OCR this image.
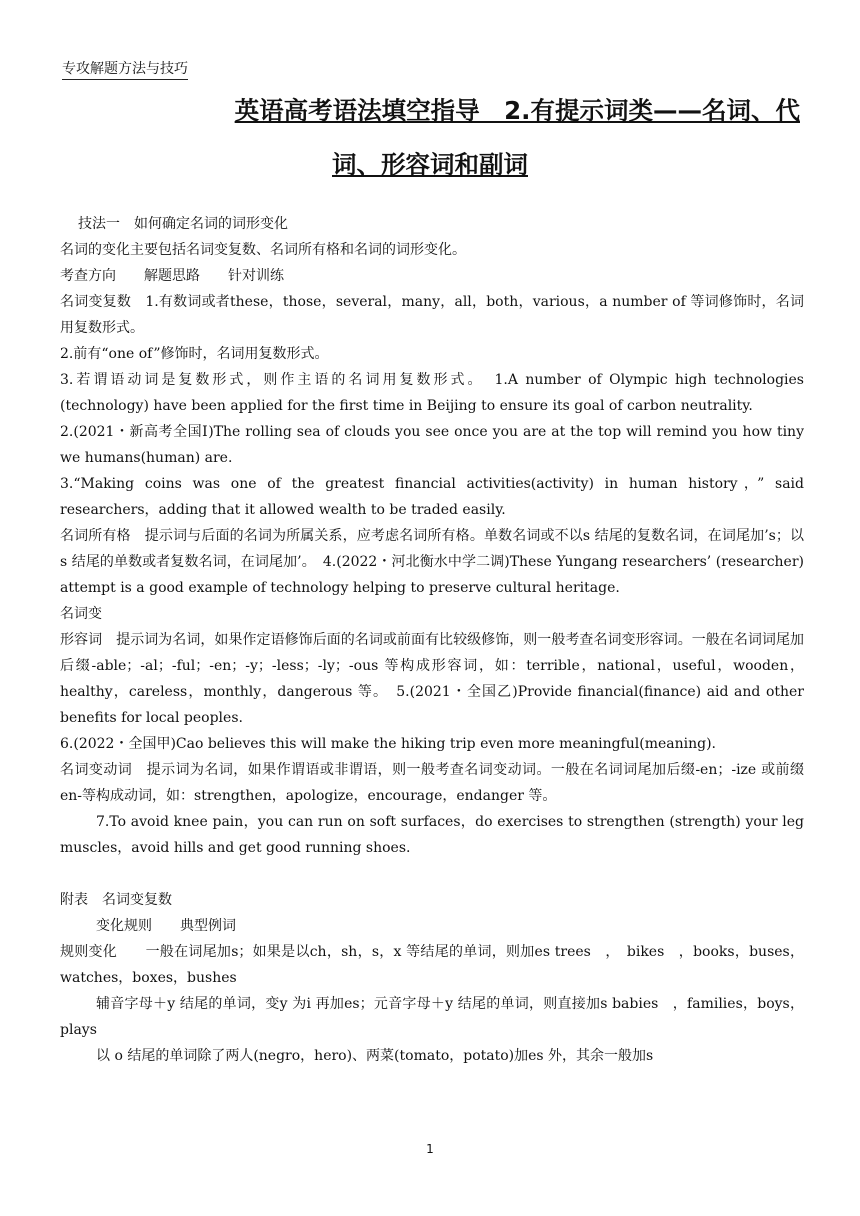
专攻解题方法与技巧
英语高考语法填空指导　2.有提示词类——名词、代
词、形容词和副词

技法一　如何确定名词的词形变化

名词的变化主要包括名词变复数、名词所有格和名词的词形变化。

考查方向　　解题思路　　针对训练

名词变复数　1.有数词或者these，those，several，many，all，both，various，a number of 等词修饰时，名词用复数形式。

2.前有“one of”修饰时，名词用复数形式。

3.若谓语动词是复数形式，则作主语的名词用复数形式。　1.A number of Olympic high technologies (technology) have been applied for the first time in Beijing to ensure its goal of carbon neutrality.

2.(2021・新高考全国Ⅰ)The rolling sea of clouds you see once you are at the top will remind you how tiny we humans(human) are.

3.“Making coins was one of the greatest financial activities(activity) in human history，” said researchers，adding that it allowed wealth to be traded easily.

名词所有格　提示词与后面的名词为所属关系，应考虑名词所有格。单数名词或不以s 结尾的复数名词，在词尾加’s；以s 结尾的单数或者复数名词，在词尾加’。　4.(2022・河北衡水中学二调)These Yungang researchers’ (researcher) attempt is a good example of technology helping to preserve cultural heritage.

名词变

形容词　提示词为名词，如果作定语修饰后面的名词或前面有比较级修饰，则一般考查名词变形容词。一般在名词词尾加后缀-able；-al；-ful；-en；-y；-less；-ly；-ous 等构成形容词，如：terrible，national，useful，wooden，healthy，careless，monthly，dangerous 等。　5.(2021・全国乙)Provide financial(finance) aid and other benefits for local peoples.

6.(2022・全国甲)Cao believes this will make the hiking trip even more meaningful(meaning).

名词变动词　提示词为名词，如果作谓语或非谓语，则一般考查名词变动词。一般在名词词尾加后缀-en；-ize 或前缀en-等构成动词，如：strengthen，apologize，encourage，endanger 等。

7.To avoid knee pain，you can run on soft surfaces，do exercises to strengthen (strength) your leg muscles，avoid hills and get good running shoes.

附表　名词变复数

变化规则　　典型例词

规则变化　　一般在词尾加s；如果是以ch，sh，s，x 等结尾的单词，则加es trees　，　bikes　，books，buses，watches，boxes，bushes

辅音字母＋y 结尾的单词，变y 为i 再加es；元音字母＋y 结尾的单词，则直接加s babies　，families，boys，plays

以 o 结尾的单词除了两人(negro，hero)、两菜(tomato，potato)加es 外，其余一般加s

1
